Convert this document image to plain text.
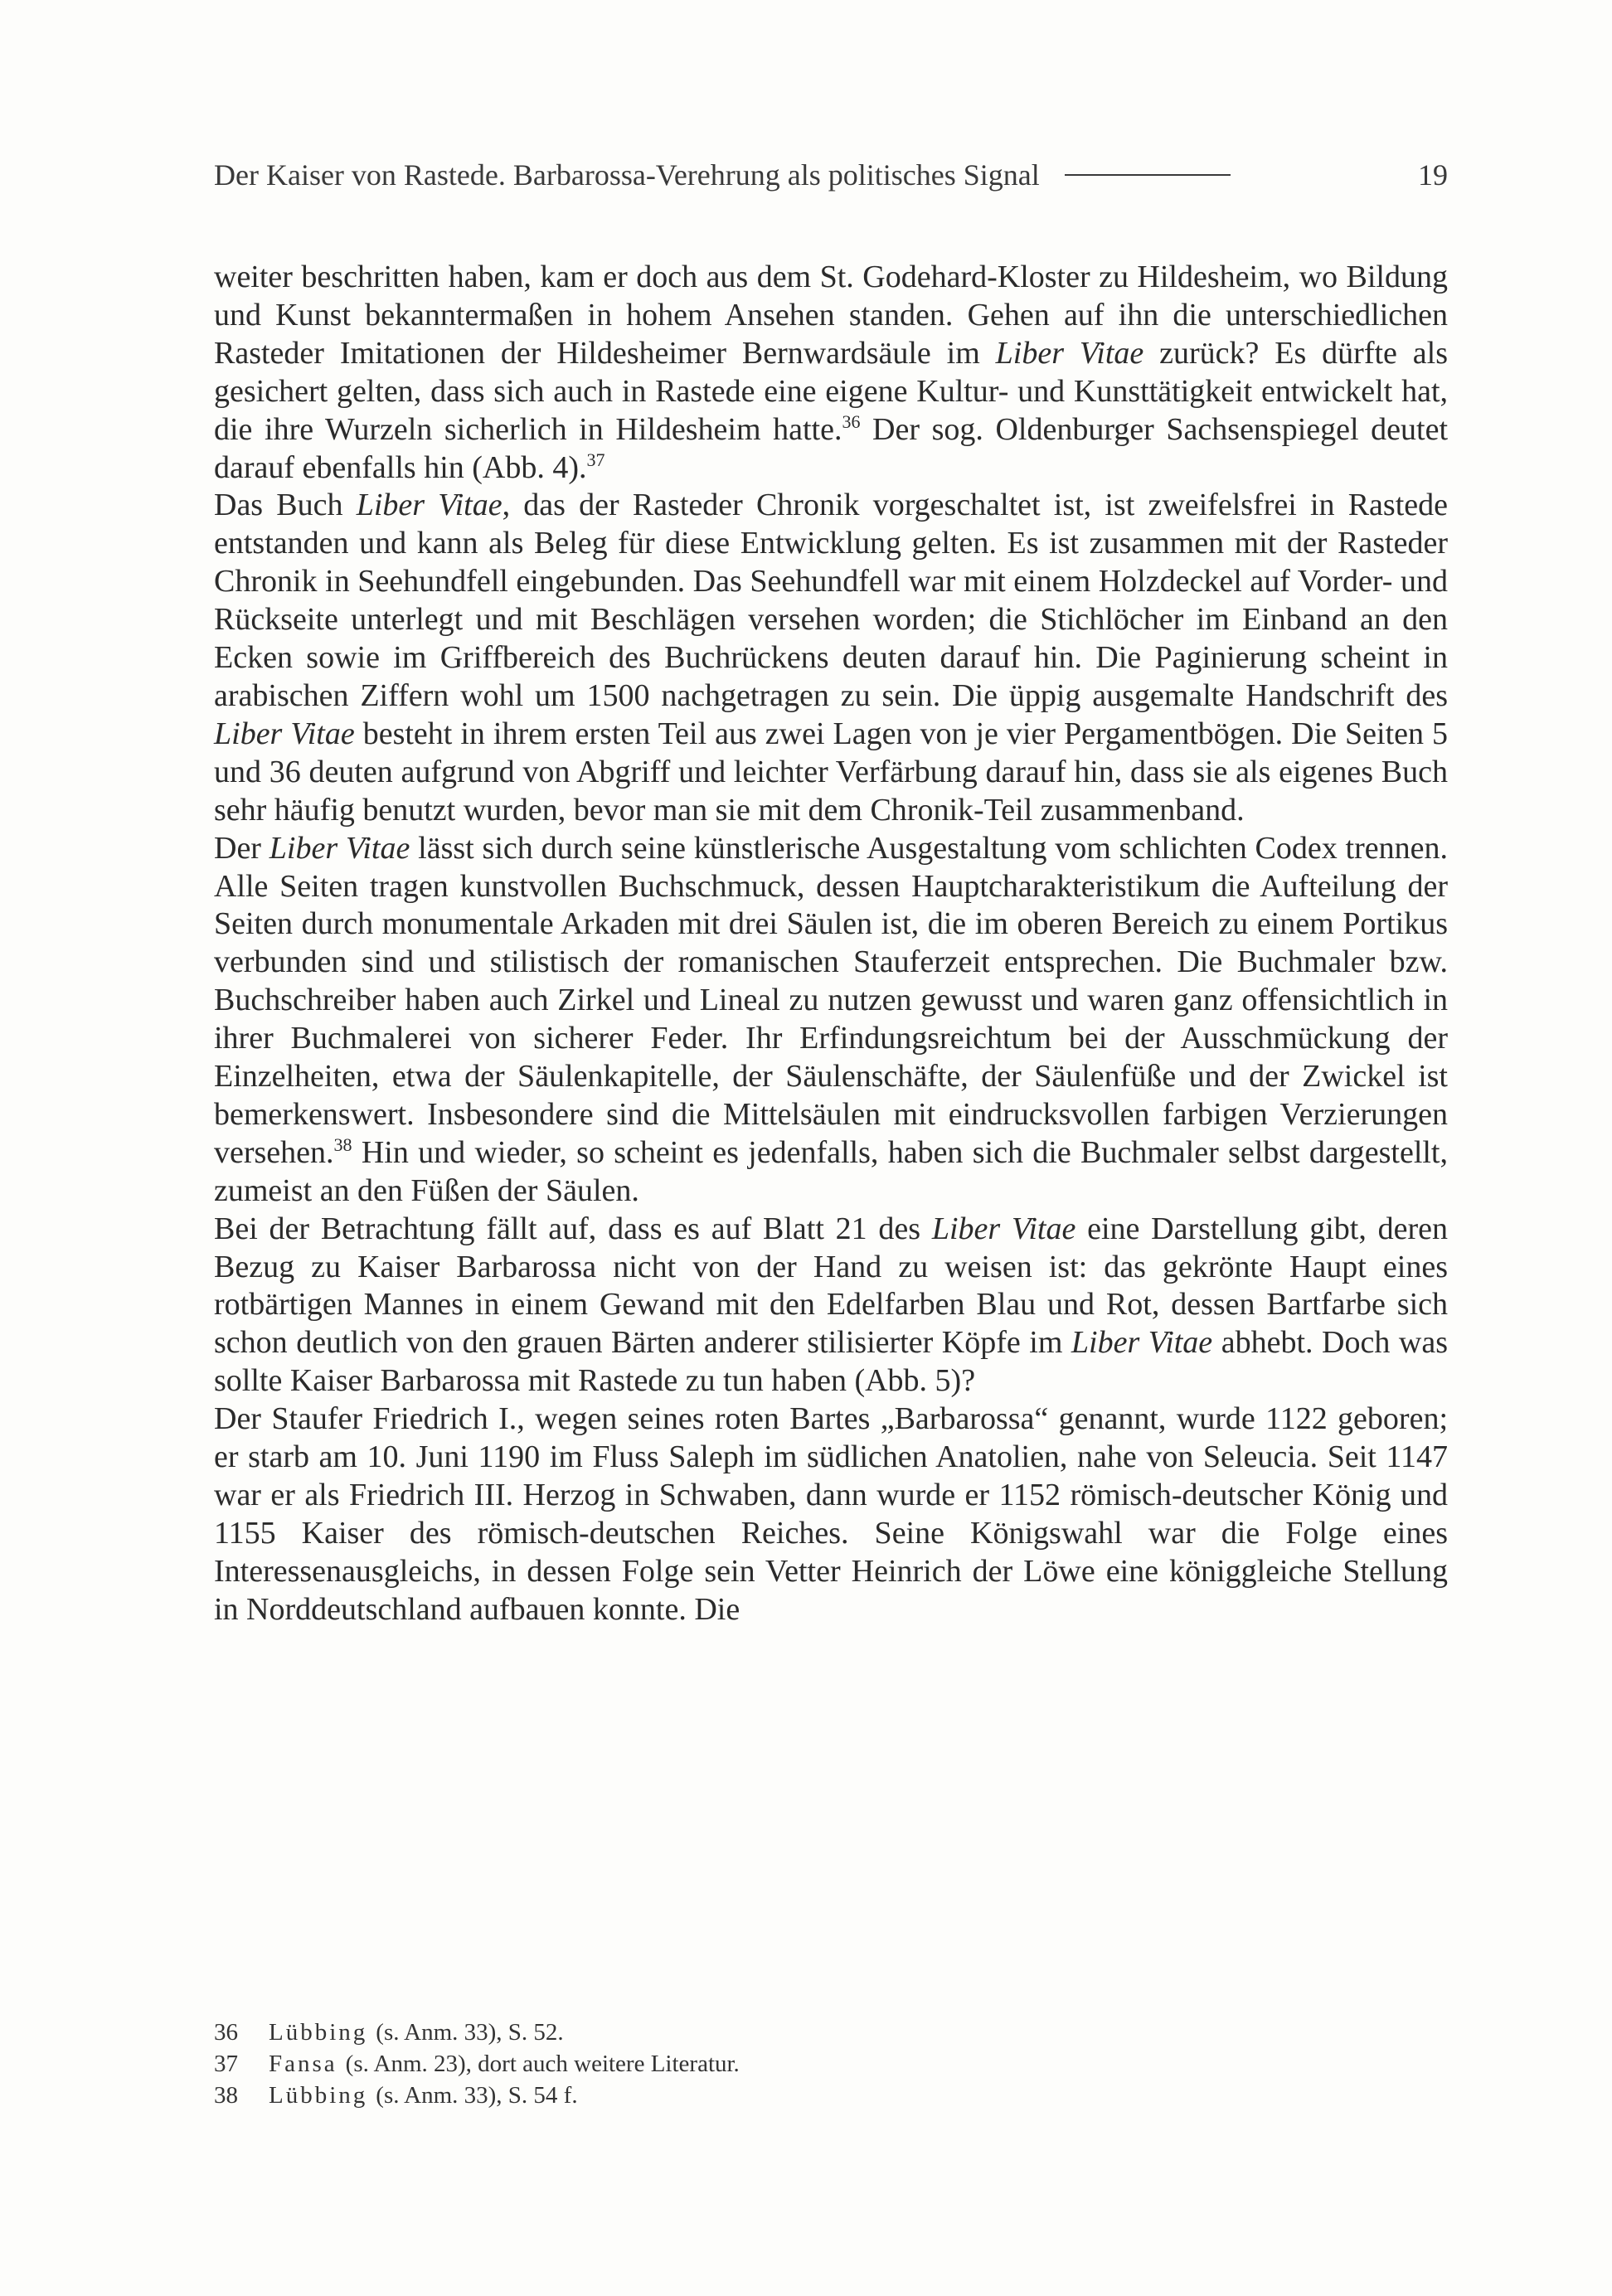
Der Kaiser von Rastede. Barbarossa-Verehrung als politisches Signal	19

weiter beschritten haben, kam er doch aus dem St. Godehard-Kloster zu Hildesheim, wo Bildung und Kunst bekanntermaßen in hohem Ansehen standen. Gehen auf ihn die unterschiedlichen Rasteder Imitationen der Hildesheimer Bernwardsäule im Liber Vitae zurück? Es dürfte als gesichert gelten, dass sich auch in Rastede eine eigene Kultur- und Kunsttätigkeit entwickelt hat, die ihre Wurzeln sicherlich in Hildesheim hatte.$^{36}$ Der sog. Oldenburger Sachsenspiegel deutet darauf ebenfalls hin (Abb. 4).$^{37}$

Das Buch Liber Vitae, das der Rasteder Chronik vorgeschaltet ist, ist zweifelsfrei in Rastede entstanden und kann als Beleg für diese Entwicklung gelten. Es ist zusammen mit der Rasteder Chronik in Seehundfell eingebunden. Das Seehundfell war mit einem Holzdeckel auf Vorder- und Rückseite unterlegt und mit Beschlägen versehen worden; die Stichlöcher im Einband an den Ecken sowie im Griffbereich des Buchrückens deuten darauf hin. Die Paginierung scheint in arabischen Ziffern wohl um 1500 nachgetragen zu sein. Die üppig ausgemalte Handschrift des Liber Vitae besteht in ihrem ersten Teil aus zwei Lagen von je vier Pergamentbögen. Die Seiten 5 und 36 deuten aufgrund von Abgriff und leichter Verfärbung darauf hin, dass sie als eigenes Buch sehr häufig benutzt wurden, bevor man sie mit dem Chronik-Teil zusammenband.

Der Liber Vitae lässt sich durch seine künstlerische Ausgestaltung vom schlichten Codex trennen. Alle Seiten tragen kunstvollen Buchschmuck, dessen Hauptcharakteristikum die Aufteilung der Seiten durch monumentale Arkaden mit drei Säulen ist, die im oberen Bereich zu einem Portikus verbunden sind und stilistisch der romanischen Stauferzeit entsprechen. Die Buchmaler bzw. Buchschreiber haben auch Zirkel und Lineal zu nutzen gewusst und waren ganz offensichtlich in ihrer Buchmalerei von sicherer Feder. Ihr Erfindungsreichtum bei der Ausschmückung der Einzelheiten, etwa der Säulenkapitelle, der Säulenschäfte, der Säulenfüße und der Zwickel ist bemerkenswert. Insbesondere sind die Mittelsäulen mit eindrucksvollen farbigen Verzierungen versehen.$^{38}$ Hin und wieder, so scheint es jedenfalls, haben sich die Buchmaler selbst dargestellt, zumeist an den Füßen der Säulen.

Bei der Betrachtung fällt auf, dass es auf Blatt 21 des Liber Vitae eine Darstellung gibt, deren Bezug zu Kaiser Barbarossa nicht von der Hand zu weisen ist: das gekrönte Haupt eines rotbärtigen Mannes in einem Gewand mit den Edelfarben Blau und Rot, dessen Bartfarbe sich schon deutlich von den grauen Bärten anderer stilisierter Köpfe im Liber Vitae abhebt. Doch was sollte Kaiser Barbarossa mit Rastede zu tun haben (Abb. 5)?

Der Staufer Friedrich I., wegen seines roten Bartes „Barbarossa“ genannt, wurde 1122 geboren; er starb am 10. Juni 1190 im Fluss Saleph im südlichen Anatolien, nahe von Seleucia. Seit 1147 war er als Friedrich III. Herzog in Schwaben, dann wurde er 1152 römisch-deutscher König und 1155 Kaiser des römisch-deutschen Reiches. Seine Königswahl war die Folge eines Interessenausgleichs, in dessen Folge sein Vetter Heinrich der Löwe eine königgleiche Stellung in Norddeutschland aufbauen konnte. Die

36	Lübbing (s. Anm. 33), S. 52.
37	Fansa (s. Anm. 23), dort auch weitere Literatur.
38	Lübbing (s. Anm. 33), S. 54 f.
